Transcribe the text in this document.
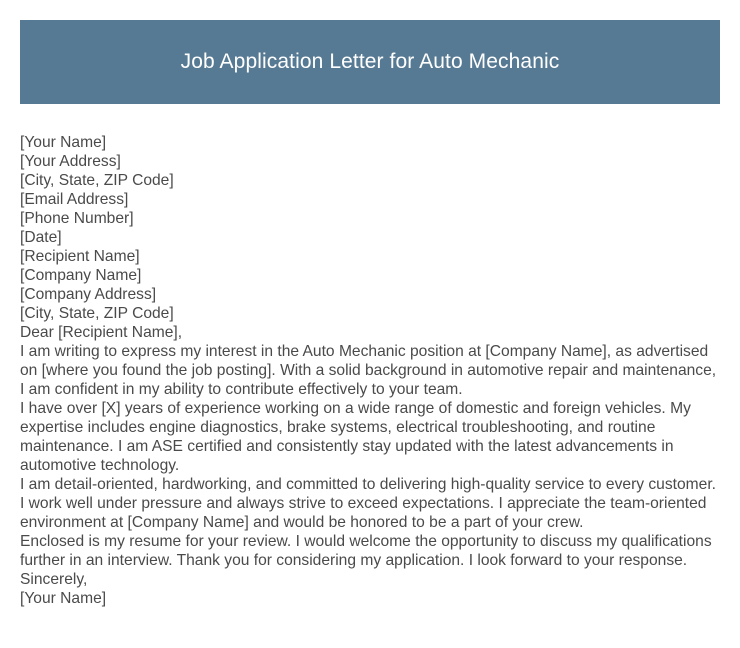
Job Application Letter for Auto Mechanic
[Your Name]
[Your Address]
[City, State, ZIP Code]
[Email Address]
[Phone Number]
[Date]
[Recipient Name]
[Company Name]
[Company Address]
[City, State, ZIP Code]
Dear [Recipient Name],
I am writing to express my interest in the Auto Mechanic position at [Company Name], as advertised on [where you found the job posting]. With a solid background in automotive repair and maintenance, I am confident in my ability to contribute effectively to your team.
I have over [X] years of experience working on a wide range of domestic and foreign vehicles. My expertise includes engine diagnostics, brake systems, electrical troubleshooting, and routine maintenance. I am ASE certified and consistently stay updated with the latest advancements in automotive technology.
I am detail-oriented, hardworking, and committed to delivering high-quality service to every customer. I work well under pressure and always strive to exceed expectations. I appreciate the team-oriented environment at [Company Name] and would be honored to be a part of your crew.
Enclosed is my resume for your review. I would welcome the opportunity to discuss my qualifications further in an interview. Thank you for considering my application. I look forward to your response.
Sincerely,
[Your Name]
